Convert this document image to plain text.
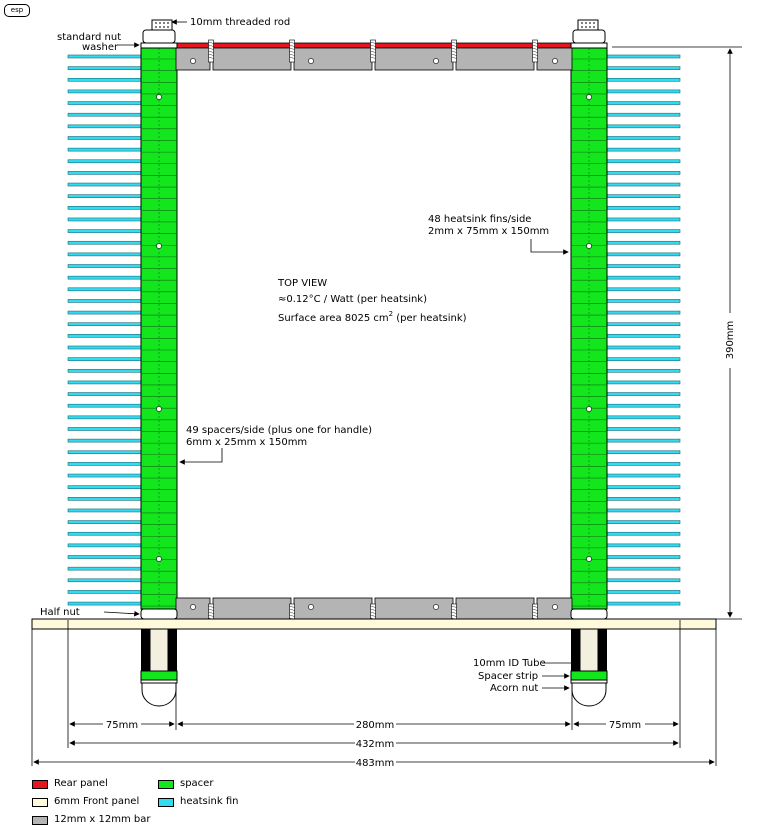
esp
75mm	280mm	75mm
432mm
483mm
390mm
10mm threaded rod
standard nut
washer
48 heatsink fins/side
2mm x 75mm x 150mm
TOP VIEW
≈0.12°C / Watt (per heatsink)
Surface area 8025 $cm^2$ (per heatsink)
49 spacers/side (plus one for handle)
6mm x 25mm x 150mm
Half nut
10mm ID Tube
Spacer strip
Acorn nut
Rear panel
6mm Front panel
12mm x 12mm bar
spacer
heatsink fin
